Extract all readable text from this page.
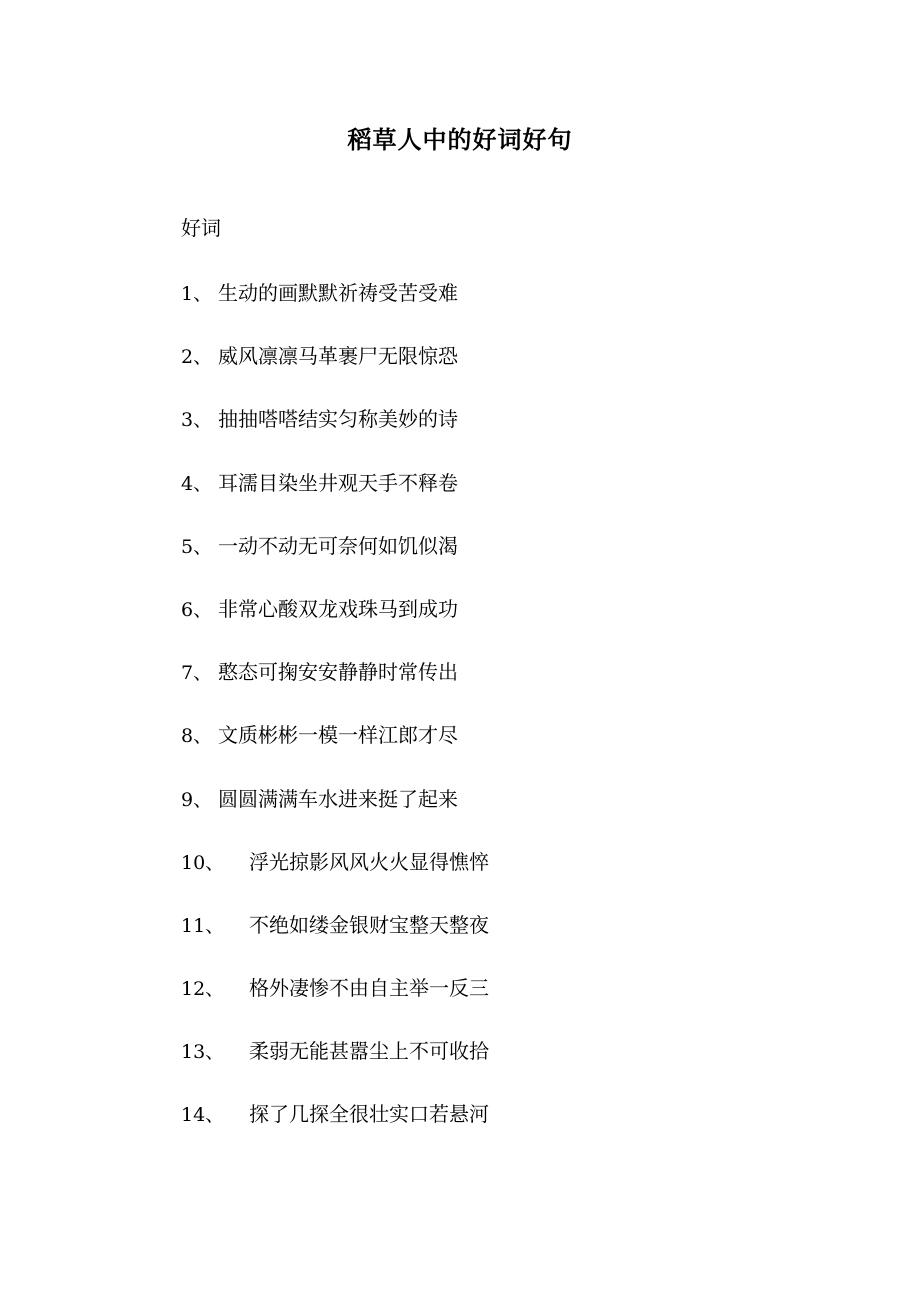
稻草人中的好词好句
好词
1、 生动的画默默祈祷受苦受难
2、 威风凛凛马革裹尸无限惊恐
3、 抽抽嗒嗒结实匀称美妙的诗
4、 耳濡目染坐井观天手不释卷
5、 一动不动无可奈何如饥似渴
6、 非常心酸双龙戏珠马到成功
7、 憨态可掬安安静静时常传出
8、 文质彬彬一模一样江郎才尽
9、 圆圆满满车水进来挺了起来
10、 浮光掠影风风火火显得憔悴
11、 不绝如缕金银财宝整天整夜
12、 格外凄惨不由自主举一反三
13、 柔弱无能甚嚣尘上不可收拾
14、 探了几探全很壮实口若悬河
